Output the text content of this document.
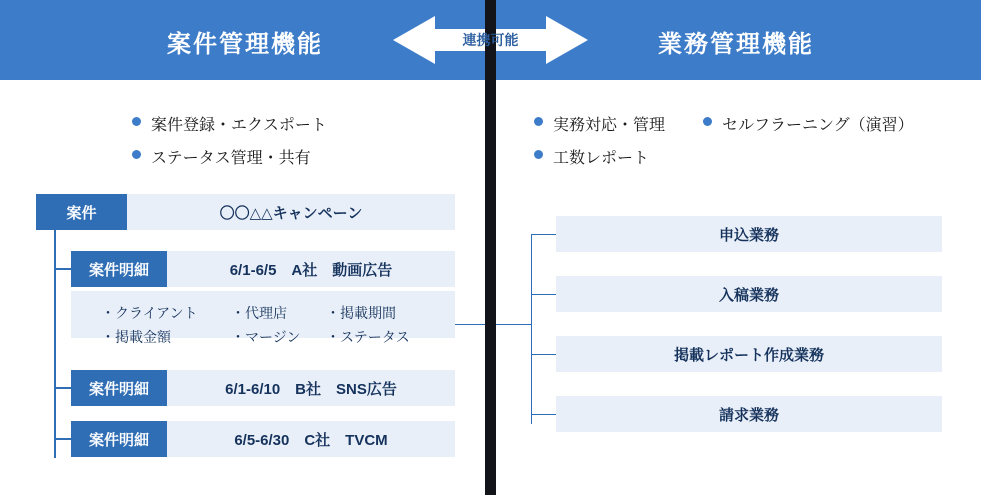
案件管理機能	業務管理機能
連携可能
案件登録・エクスポート
ステータス管理・共有
案件	〇〇△△キャンペーン
案件明細	6/1-6/5　A社　動画広告
・クライアント	・代理店	・掲載期間
・掲載金額	・マージン	・ステータス
案件明細	6/1-6/10　B社　SNS広告
案件明細	6/5-6/30　C社　TVCM
実務対応・管理	セルフラーニング（演習）
工数レポート
申込業務
入稿業務
掲載レポート作成業務
請求業務
